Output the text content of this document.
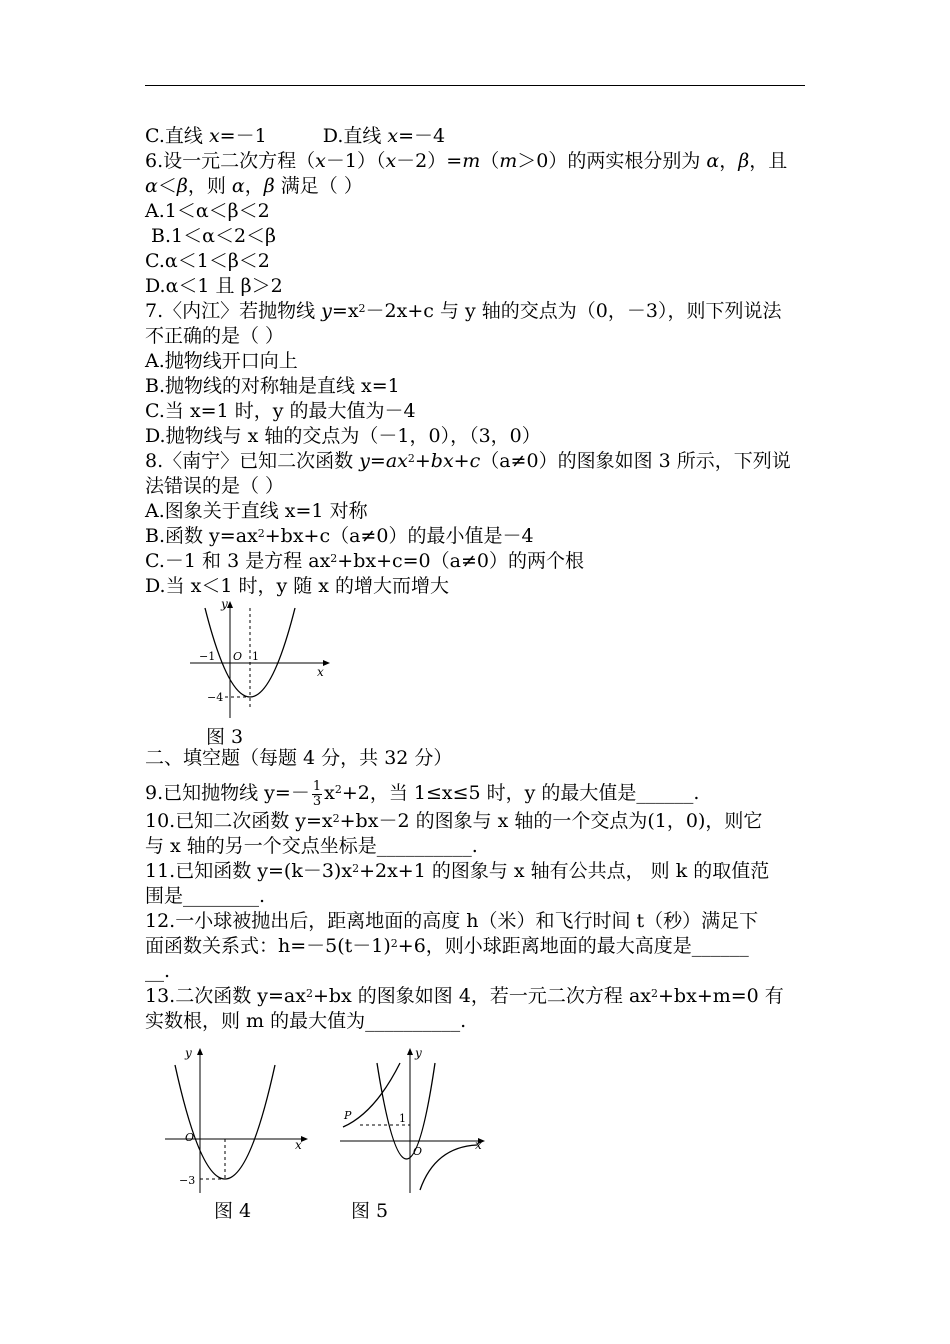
C.直线 x=－1	D.直线 x=－4
6.设一元二次方程（x－1）（x－2）=m（m＞0）的两实根分别为 α，β，且
α＜β，则 α，β 满足（ ）
A.1＜α＜β＜2
B.1＜α＜2＜β
C.α＜1＜β＜2
D.α＜1 且 β＞2
7.〈内江〉若抛物线 $y=x^2-2x+c$ 与 y 轴的交点为（0，－3），则下列说法
不正确的是（ ）
A.抛物线开口向上
B.抛物线的对称轴是直线 x=1
C.当 x=1 时，y 的最大值为－4
D.抛物线与 x 轴的交点为（－1，0），（3，0）
8.〈南宁〉已知二次函数 $y=ax^2+bx+c(a\ne 0)$的图象如图 3 所示，下列说
法错误的是（ ）
A.图象关于直线 x=1 对称
B.函数 $y=ax^2+bx+c(a\ne 0)$的最小值是－4
C.－1 和 3 是方程 $ax^2+bx+c=0(a\ne 0)$的两个根
D.当 x＜1 时，y 随 x 的增大而增大
y
x
O
−1	1
−4
图 3
二、填空题（每题 4 分，共 32 分）
9.已知抛物线 $y=- \frac{1}{3} x^2+2$，当 1≤x≤5 时，y 的最大值是______.
10.已知二次函数 $y=x^2+bx-2$ 的图象与 x 轴的一个交点为(1，0)，则它
与 x 轴的另一个交点坐标是__________.
11.已知函数 $y=(k-3)x^2+2x+1$ 的图象与 x 轴有公共点， 则 k 的取值范
围是________.
12.一小球被抛出后，距离地面的高度 h（米）和飞行时间 t（秒）满足下
面函数关系式：$h=-5(t-1)^2+6$，则小球距离地面的最大高度是______
__.
13.二次函数 $y=ax^2+bx$ 的图象如图 4，若一元二次方程 $ax^2+bx+m=0$ 有
实数根，则 m 的最大值为__________.
y
x
O
−3
图 4
y
x
O
P	1
图 5
